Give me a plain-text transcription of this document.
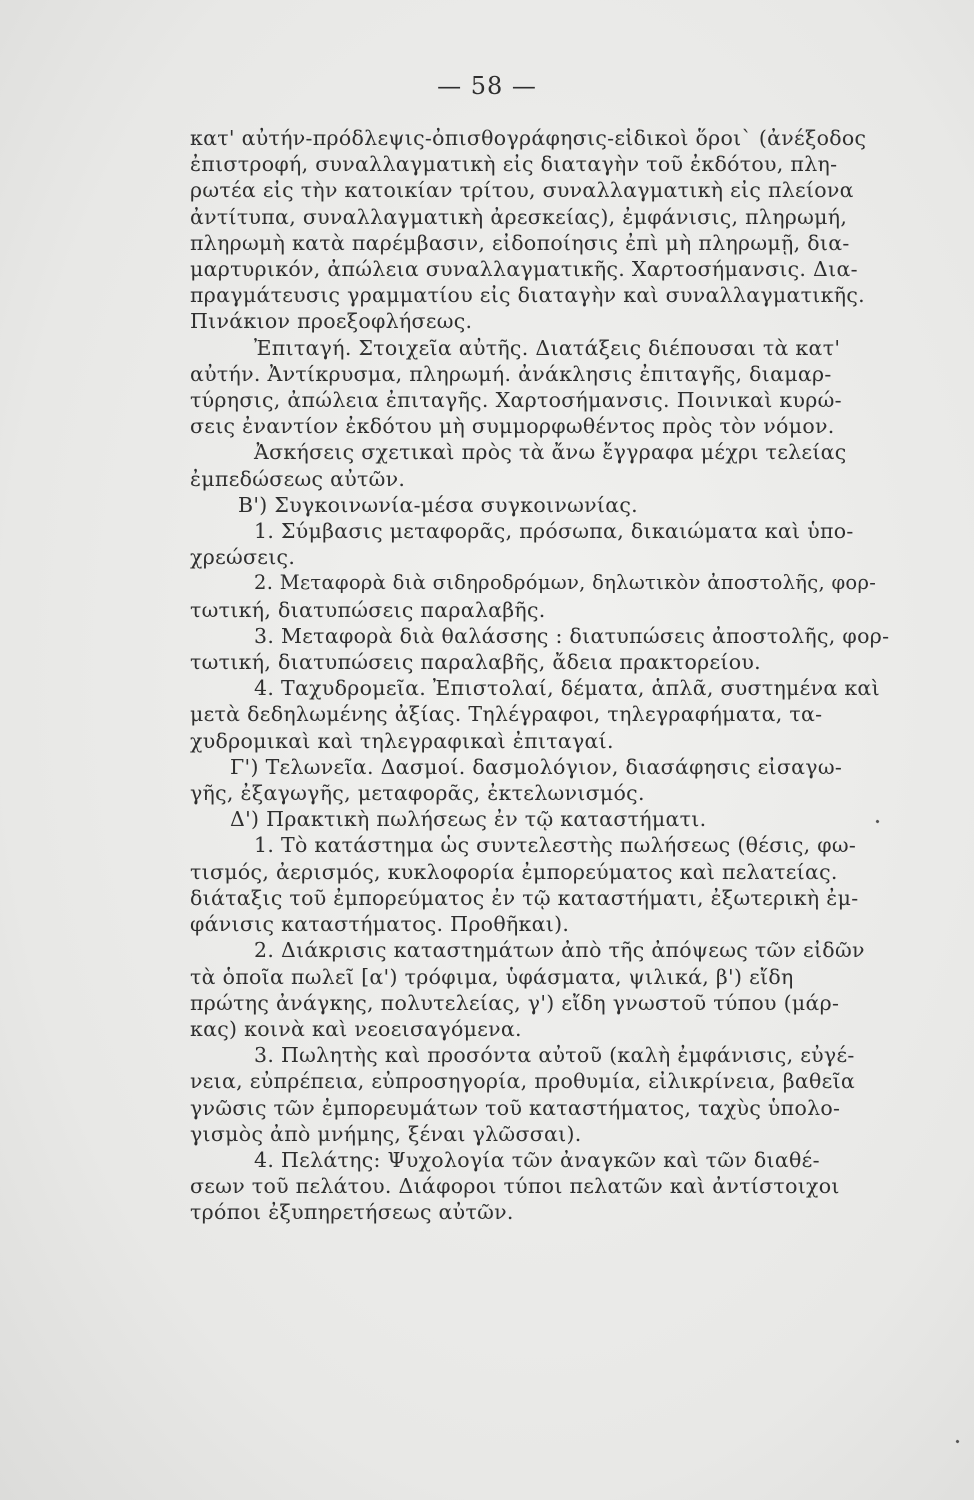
— 58 —

κατ' αὐτήν-πρόδλεψις-ὀπισθογράφησις-εἰδικοὶ ὅροι` (ἀνέξοδος
ἐπιστροφή, συναλλαγματικὴ εἰς διαταγὴν τοῦ ἐκδότου, πλη-
ρωτέα εἰς τὴν κατοικίαν τρίτου, συναλλαγματικὴ εἰς πλείονα
ἀντίτυπα, συναλλαγματικὴ ἀρεσκείας), ἐμφάνισις, πληρωμή,
πληρωμὴ κατὰ παρέμβασιν, εἰδοποίησις ἐπὶ μὴ πληρωμῇ, δια-
μαρτυρικόν, ἀπώλεια συναλλαγματικῆς. Χαρτοσήμανσις. Δια-
πραγμάτευσις γραμματίου εἰς διαταγὴν καὶ συναλλαγματικῆς.
Πινάκιον προεξοφλήσεως.

Ἐπιταγή. Στοιχεῖα αὐτῆς. Διατάξεις διέπουσαι τὰ κατ'
αὐτήν. Ἀντίκρυσμα, πληρωμή. ἀνάκλησις ἐπιταγῆς, διαμαρ-
τύρησις, ἀπώλεια ἐπιταγῆς. Χαρτοσήμανσις. Ποινικαὶ κυρώ-
σεις ἐναντίον ἐκδότου μὴ συμμορφωθέντος πρὸς τὸν νόμον.

Ἀσκήσεις σχετικαὶ πρὸς τὰ ἄνω ἔγγραφα μέχρι τελείας
ἐμπεδώσεως αὐτῶν.

Β') Συγκοινωνία-μέσα συγκοινωνίας.

1. Σύμβασις μεταφορᾶς, πρόσωπα, δικαιώματα καὶ ὑπο-
χρεώσεις.

2. Μεταφορὰ διὰ σιδηροδρόμων, δηλωτικὸν ἀποστολῆς, φορ-
τωτική, διατυπώσεις παραλαβῆς.

3. Μεταφορὰ διὰ θαλάσσης : διατυπώσεις ἀποστολῆς, φορ-
τωτική, διατυπώσεις παραλαβῆς, ἄδεια πρακτορείου.

4. Ταχυδρομεῖα. Ἐπιστολαί, δέματα, ἁπλᾶ, συστημένα καὶ
μετὰ δεδηλωμένης ἀξίας. Τηλέγραφοι, τηλεγραφήματα, τα-
χυδρομικαὶ καὶ τηλεγραφικαὶ ἐπιταγαί.

Γ') Τελωνεῖα. Δασμοί. δασμολόγιον, διασάφησις εἰσαγω-
γῆς, ἐξαγωγῆς, μεταφορᾶς, ἐκτελωνισμός.

Δ') Πρακτικὴ πωλήσεως ἐν τῷ καταστήματι.

1. Τὸ κατάστημα ὡς συντελεστὴς πωλήσεως (θέσις, φω-
τισμός, ἀερισμός, κυκλοφορία ἐμπορεύματος καὶ πελατείας.
διάταξις τοῦ ἐμπορεύματος ἐν τῷ καταστήματι, ἐξωτερικὴ ἐμ-
φάνισις καταστήματος. Προθῆκαι).

2. Διάκρισις καταστημάτων ἀπὸ τῆς ἀπόψεως τῶν εἰδῶν
τὰ ὁποῖα πωλεῖ [α') τρόφιμα, ὑφάσματα, ψιλικά, β') εἴδη
πρώτης ἀνάγκης, πολυτελείας, γ') εἴδη γνωστοῦ τύπου (μάρ-
κας) κοινὰ καὶ νεοεισαγόμενα.

3. Πωλητὴς καὶ προσόντα αὐτοῦ (καλὴ ἐμφάνισις, εὐγέ-
νεια, εὐπρέπεια, εὐπροσηγορία, προθυμία, εἰλικρίνεια, βαθεῖα
γνῶσις τῶν ἐμπορευμάτων τοῦ καταστήματος, ταχὺς ὑπολο-
γισμὸς ἀπὸ μνήμης, ξέναι γλῶσσαι).

4. Πελάτης: Ψυχολογία τῶν ἀναγκῶν καὶ τῶν διαθέ-
σεων τοῦ πελάτου. Διάφοροι τύποι πελατῶν καὶ ἀντίστοιχοι
τρόποι ἐξυπηρετήσεως αὐτῶν.
